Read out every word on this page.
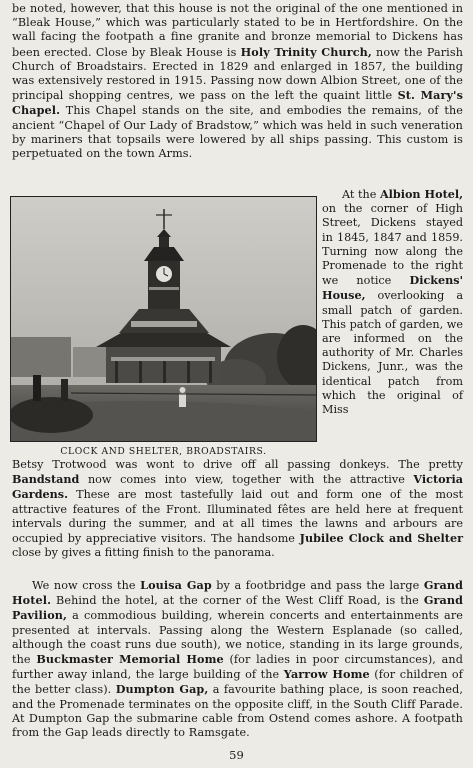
be noted, however, that this house is not the original of the one mentioned in “Bleak House,” which was particularly stated to be in Hertfordshire. On the wall facing the footpath a fine granite and bronze memorial to Dickens has been erected. Close by Bleak House is Holy Trinity Church, now the Parish Church of Broadstairs. Erected in 1829 and enlarged in 1857, the building was extensively restored in 1915. Passing now down Albion Street, one of the principal shopping centres, we pass on the left the quaint little St. Mary's Chapel. This Chapel stands on the site, and embodies the remains, of the ancient “Chapel of Our Lady of Bradstow,” which was held in such veneration by mariners that topsails were lowered by all ships passing. This custom is perpetuated on the town Arms.

CLOCK AND SHELTER, BROADSTAIRS.

At the Albion Hotel, on the corner of High Street, Dickens stayed in 1845, 1847 and 1859. Turning now along the Promenade to the right we notice Dickens' House, overlooking a small patch of garden. This patch of garden, we are informed on the authority of Mr. Charles Dickens, Junr., was the identical patch from which the original of Miss

Betsy Trotwood was wont to drive off all passing donkeys. The pretty Bandstand now comes into view, together with the attractive Victoria Gardens. These are most tastefully laid out and form one of the most attractive features of the Front. Illuminated fêtes are held here at frequent intervals during the summer, and at all times the lawns and arbours are occupied by appreciative visitors. The handsome Jubilee Clock and Shelter close by gives a fitting finish to the panorama.

We now cross the Louisa Gap by a footbridge and pass the large Grand Hotel. Behind the hotel, at the corner of the West Cliff Road, is the Grand Pavilion, a commodious building, wherein concerts and entertainments are presented at intervals. Passing along the Western Esplanade (so called, although the coast runs due south), we notice, standing in its large grounds, the Buckmaster Memorial Home (for ladies in poor circumstances), and further away inland, the large building of the Yarrow Home (for children of the better class). Dumpton Gap, a favourite bathing place, is soon reached, and the Promenade terminates on the opposite cliff, in the South Cliff Parade. At Dumpton Gap the submarine cable from Ostend comes ashore. A footpath from the Gap leads directly to Ramsgate.

59
